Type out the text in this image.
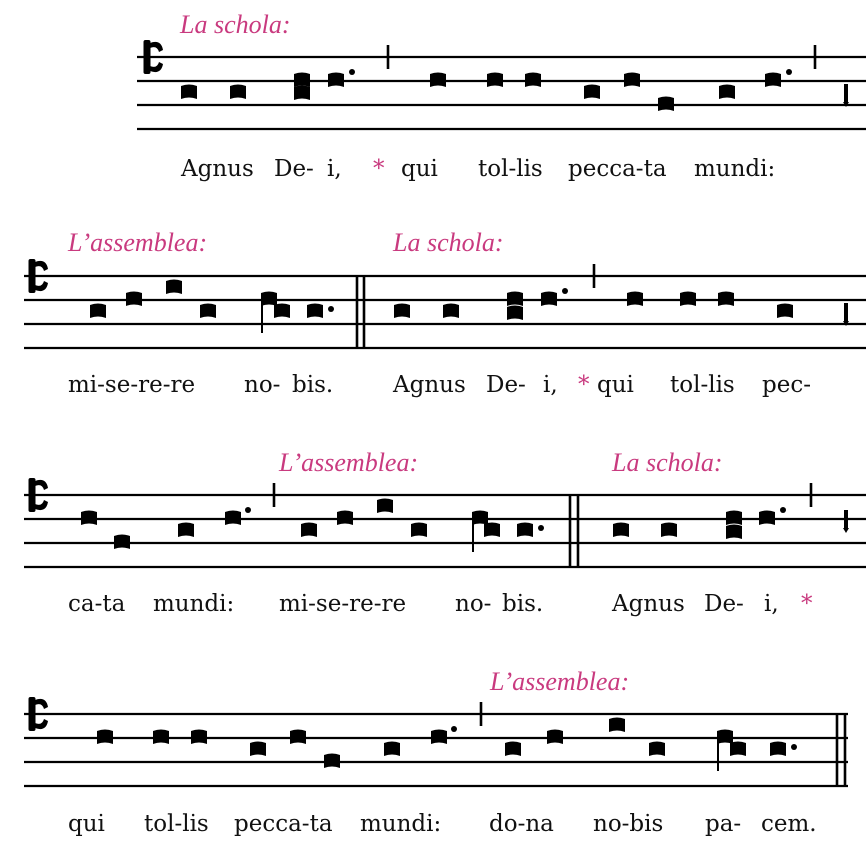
La schola:
Agnus De- i, * qui tol-lis pecca-ta mundi:
L’assemblea:	La schola:
mi-se-re-re no- bis.	Agnus De- i, * qui tol-lis pec-
L’assemblea:	La schola:
ca-ta mundi: mi-se-re-re no- bis.	Agnus De- i, *
L’assemblea:
qui tol-lis pecca-ta mundi: do-na no-bis pa- cem.
